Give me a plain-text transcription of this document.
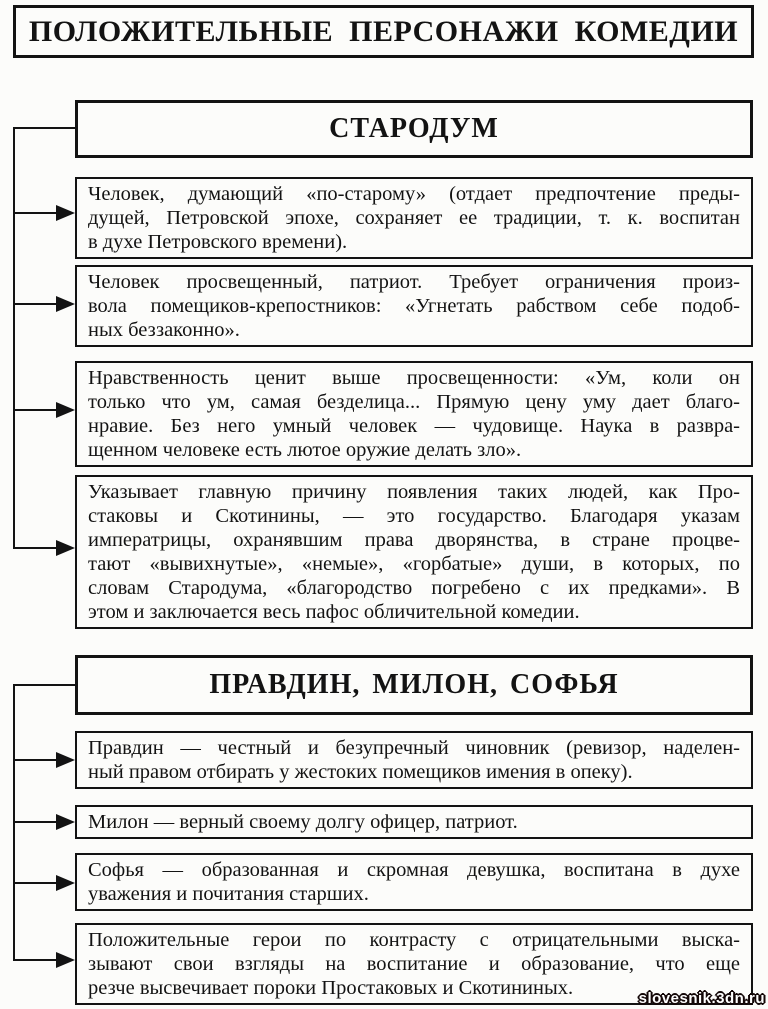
ПОЛОЖИТЕЛЬНЫЕ ПЕРСОНАЖИ КОМЕДИИ
СТАРОДУМ
Человек, думающий «по-старому» (отдает предпочтение преды-
дущей, Петровской эпохе, сохраняет ее традиции, т. к. воспитан
в духе Петровского времени).
Человек просвещенный, патриот. Требует ограничения произ-
вола помещиков-крепостников: «Угнетать рабством себе подоб-
ных беззаконно».
Нравственность ценит выше просвещенности: «Ум, коли он
только что ум, самая безделица... Прямую цену уму дает благо-
нравие. Без него умный человек — чудовище. Наука в развра-
щенном человеке есть лютое оружие делать зло».
Указывает главную причину появления таких людей, как Про-
стаковы и Скотинины, — это государство. Благодаря указам
императрицы, охранявшим права дворянства, в стране процве-
тают «вывихнутые», «немые», «горбатые» души, в которых, по
словам Стародума, «благородство погребено с их предками». В
этом и заключается весь пафос обличительной комедии.
ПРАВДИН, МИЛОН, СОФЬЯ
Правдин — честный и безупречный чиновник (ревизор, наделен-
ный правом отбирать у жестоких помещиков имения в опеку).
Милон — верный своему долгу офицер, патриот.
Софья — образованная и скромная девушка, воспитана в духе
уважения и почитания старших.
Положительные герои по контрасту с отрицательными выска-
зывают свои взгляды на воспитание и образование, что еще
резче высвечивает пороки Простаковых и Скотининых.	slovesnik.3dn.ru
